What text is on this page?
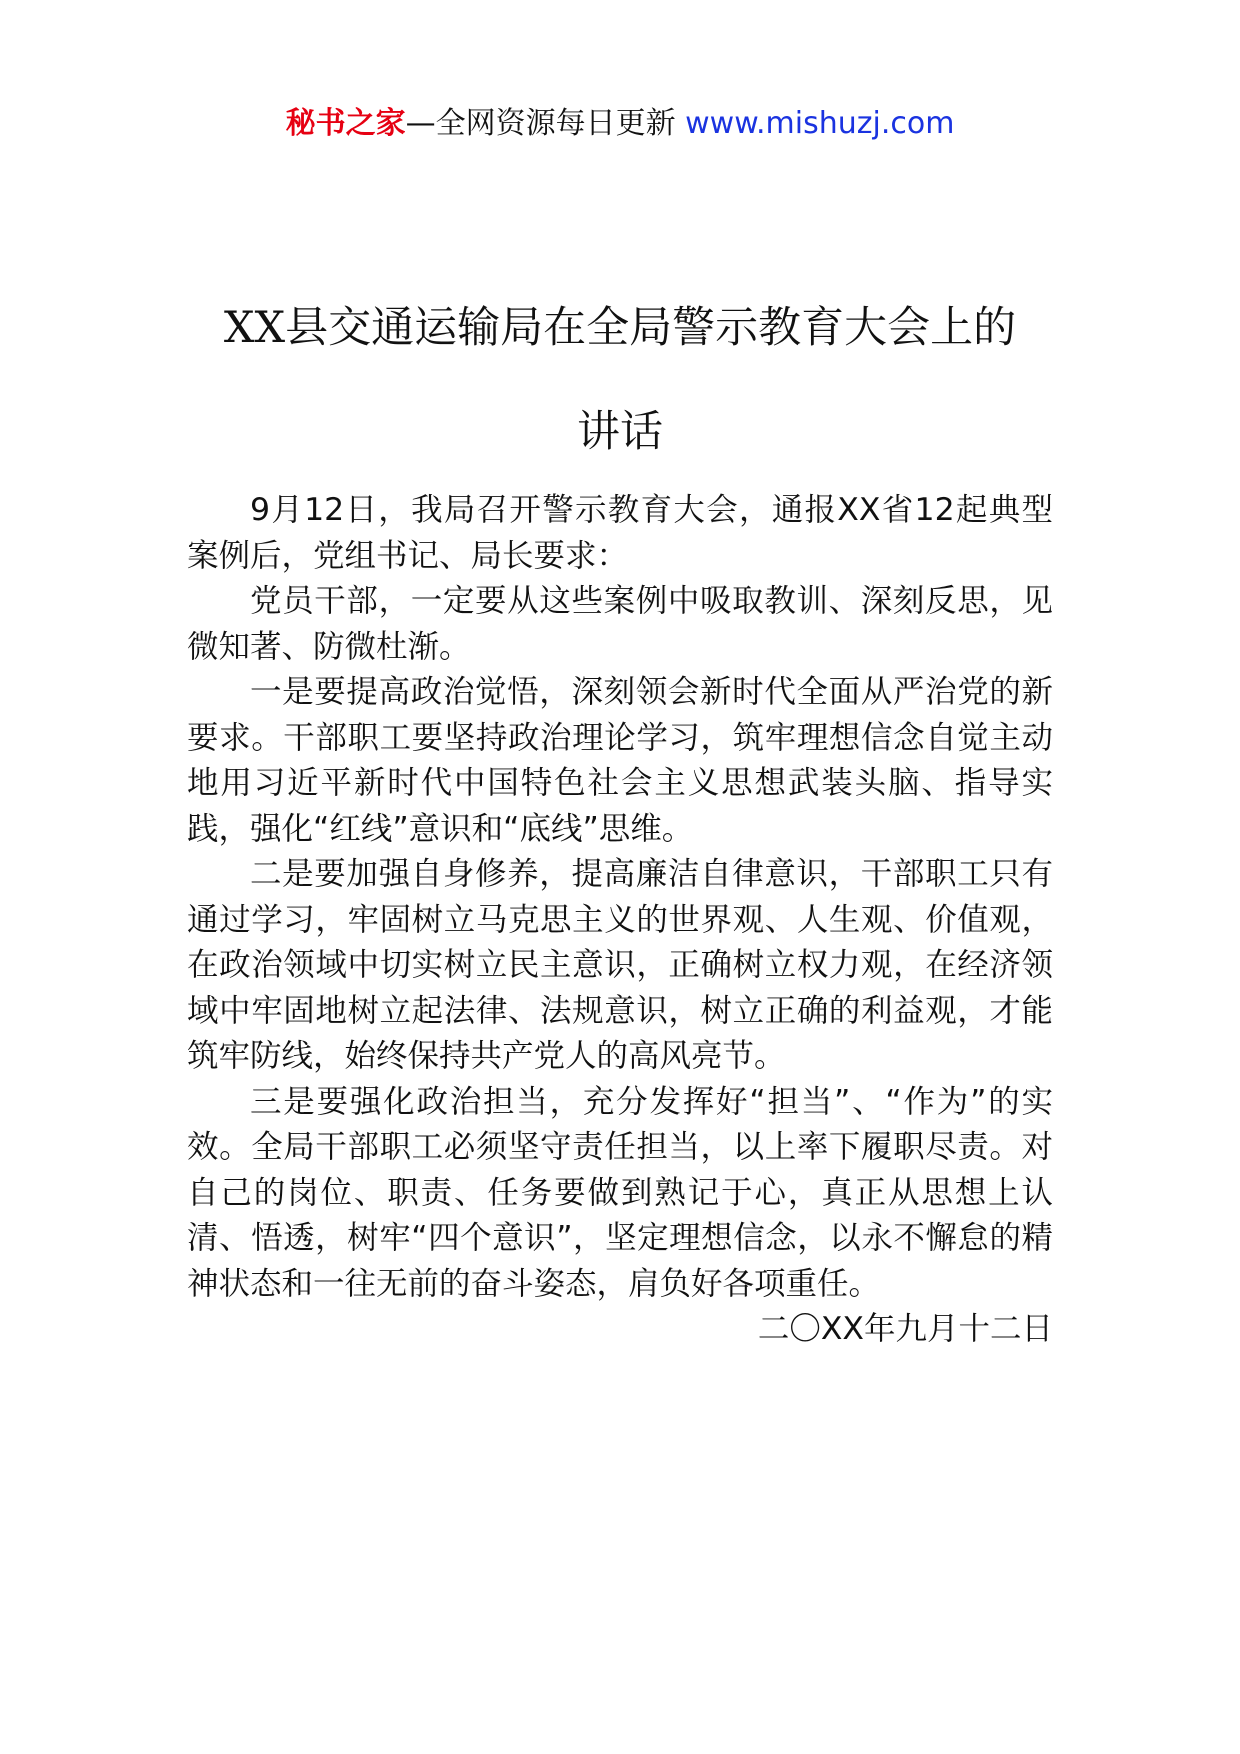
秘书之家—全网资源每日更新 www.mishuzj.com
XX县交通运输局在全局警示教育大会上的
讲话

9月12日，我局召开警示教育大会，通报XX省12起典型案例后，党组书记、局长要求：

党员干部，一定要从这些案例中吸取教训、深刻反思，见微知著、防微杜渐。

一是要提高政治觉悟，深刻领会新时代全面从严治党的新要求。干部职工要坚持政治理论学习，筑牢理想信念自觉主动地用习近平新时代中国特色社会主义思想武装头脑、指导实践，强化“红线”意识和“底线”思维。

二是要加强自身修养，提高廉洁自律意识，干部职工只有通过学习，牢固树立马克思主义的世界观、人生观、价值观，在政治领域中切实树立民主意识，正确树立权力观，在经济领域中牢固地树立起法律、法规意识，树立正确的利益观，才能筑牢防线，始终保持共产党人的高风亮节。

三是要强化政治担当，充分发挥好“担当”、“作为”的实效。全局干部职工必须坚守责任担当，以上率下履职尽责。对自己的岗位、职责、任务要做到熟记于心，真正从思想上认清、悟透，树牢“四个意识”，坚定理想信念，以永不懈怠的精神状态和一往无前的奋斗姿态，肩负好各项重任。

二〇XX年九月十二日
